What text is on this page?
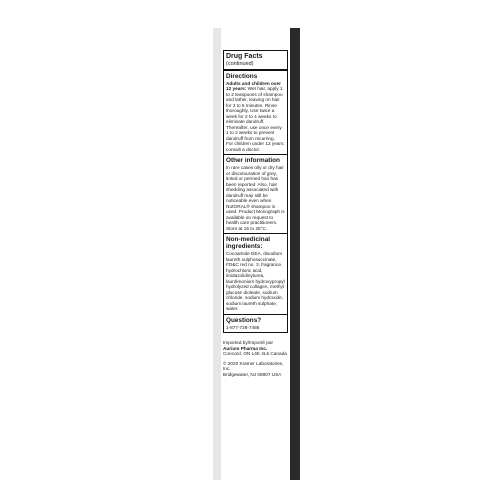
Drug Facts
(continued)
Directions

Adults and children over 12 years: Wet hair, apply 1 to 2 teaspoons of shampoo and lather, leaving on hair for 3 to 5 minutes. Rinse thoroughly. Use twice a week for 2 to 4 weeks to eliminate dandruff. Thereafter, use once every 1 to 2 weeks to prevent dandruff from recurring.

For children under 12 years: consult a doctor.

Other information
In rare cases oily or dry hair or discolouration of grey, tinted or permed hair has been reported. Also, hair shedding associated with dandruff may still be noticeable even when NIZORAL® shampoo is used. Product Monograph is available on request to health care practitioners. Store at 15 to 25°C.
Non-medicinal ingredients:
Cocoamide DEA, disodium laureth sulphosuccinate, FD&C red no. 3, fragrance, hydrochloric acid, imidazolidinylurea, laurdimonium hydroxypropyl hydrolyzed collagen, methyl glucose dioleate, sodium chloride, sodium hydroxide, sodium laureth sulphate, water.
Questions?
1-877-728-7486
Imported by/Importé par
Aurium Pharma Inc.
Concord, ON L4K 4L6 Canada
© 2020 Kramer Laboratories, Inc.
Bridgewater, NJ 08807 USA
